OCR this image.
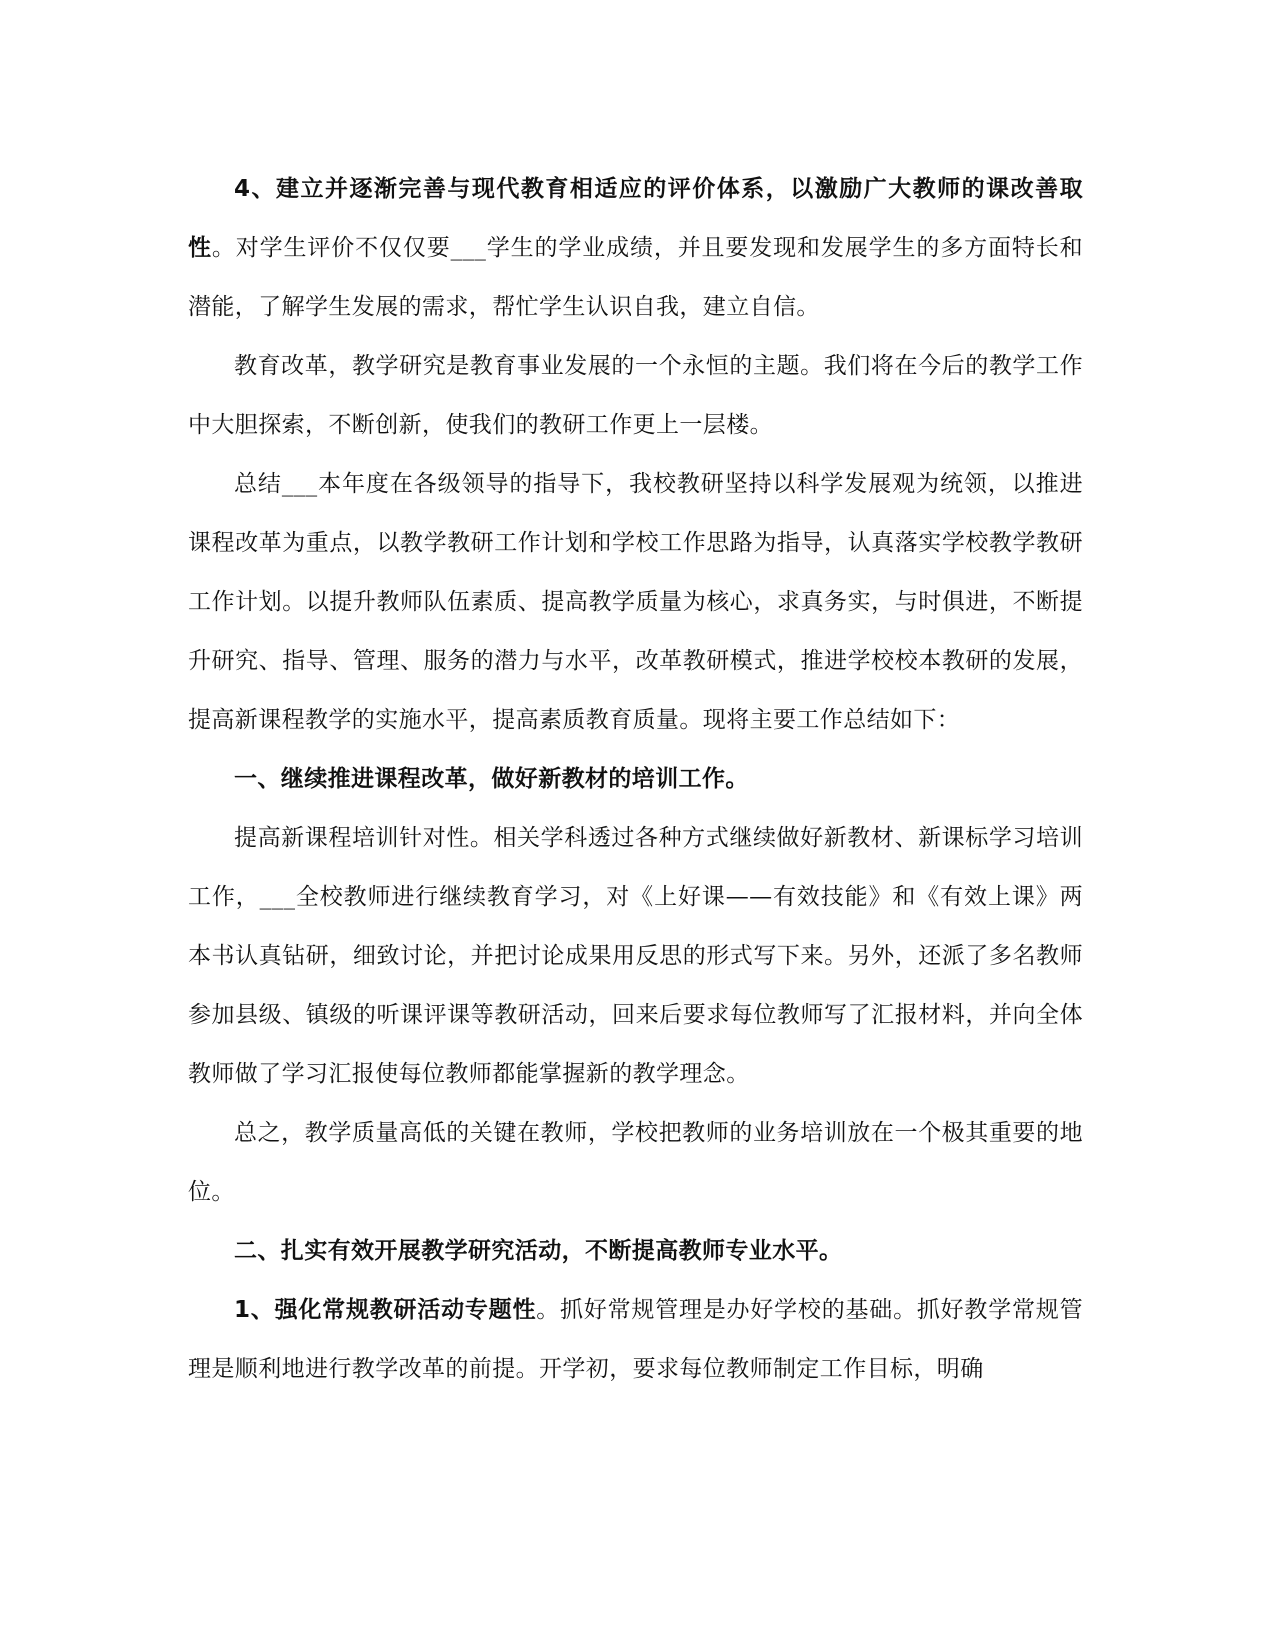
4、建立并逐渐完善与现代教育相适应的评价体系，以激励广大教师的课改善取性。对学生评价不仅仅要___学生的学业成绩，并且要发现和发展学生的多方面特长和潜能，了解学生发展的需求，帮忙学生认识自我，建立自信。

教育改革，教学研究是教育事业发展的一个永恒的主题。我们将在今后的教学工作中大胆探索，不断创新，使我们的教研工作更上一层楼。

总结___本年度在各级领导的指导下，我校教研坚持以科学发展观为统领，以推进课程改革为重点，以教学教研工作计划和学校工作思路为指导，认真落实学校教学教研工作计划。以提升教师队伍素质、提高教学质量为核心，求真务实，与时俱进，不断提升研究、指导、管理、服务的潜力与水平，改革教研模式，推进学校校本教研的发展，提高新课程教学的实施水平，提高素质教育质量。现将主要工作总结如下：

一、继续推进课程改革，做好新教材的培训工作。

提高新课程培训针对性。相关学科透过各种方式继续做好新教材、新课标学习培训工作，___全校教师进行继续教育学习，对《上好课——有效技能》和《有效上课》两本书认真钻研，细致讨论，并把讨论成果用反思的形式写下来。另外，还派了多名教师参加县级、镇级的听课评课等教研活动，回来后要求每位教师写了汇报材料，并向全体教师做了学习汇报使每位教师都能掌握新的教学理念。

总之，教学质量高低的关键在教师，学校把教师的业务培训放在一个极其重要的地位。

二、扎实有效开展教学研究活动，不断提高教师专业水平。

1、强化常规教研活动专题性。抓好常规管理是办好学校的基础。抓好教学常规管理是顺利地进行教学改革的前提。开学初，要求每位教师制定工作目标，明确
